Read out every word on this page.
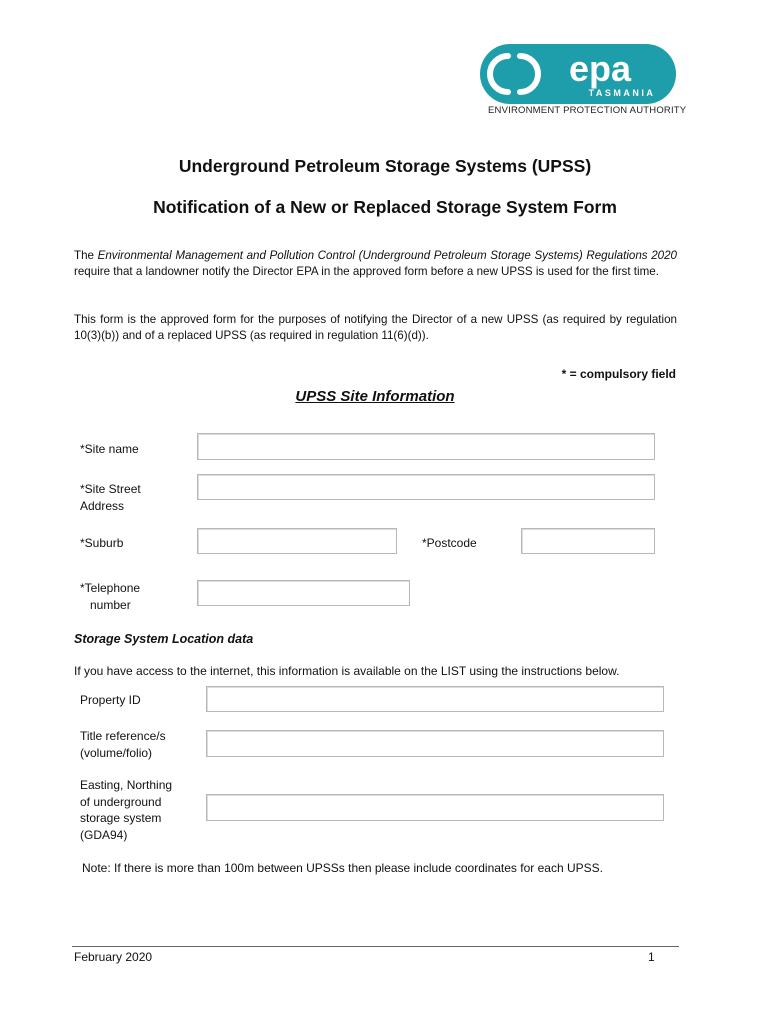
epa
TASMANIA
ENVIRONMENT PROTECTION AUTHORITY
Underground Petroleum Storage Systems (UPSS)
Notification of a New or Replaced Storage System Form
The Environmental Management and Pollution Control (Underground Petroleum Storage Systems) Regulations 2020 require that a landowner notify the Director EPA in the approved form before a new UPSS is used for the first time.
This form is the approved form for the purposes of notifying the Director of a new UPSS (as required by regulation 10(3)(b)) and of a replaced UPSS (as required in regulation 11(6)(d)).
* = compulsory field
UPSS Site Information
*Site name
*Site Street
Address
*Suburb	*Postcode
*Telephone
number
Storage System Location data
If you have access to the internet, this information is available on the LIST using the instructions below.
Property ID
Title reference/s
(volume/folio)
Easting, Northing
of underground
storage system
(GDA94)
Note: If there is more than 100m between UPSSs then please include coordinates for each UPSS.
February 2020	1
